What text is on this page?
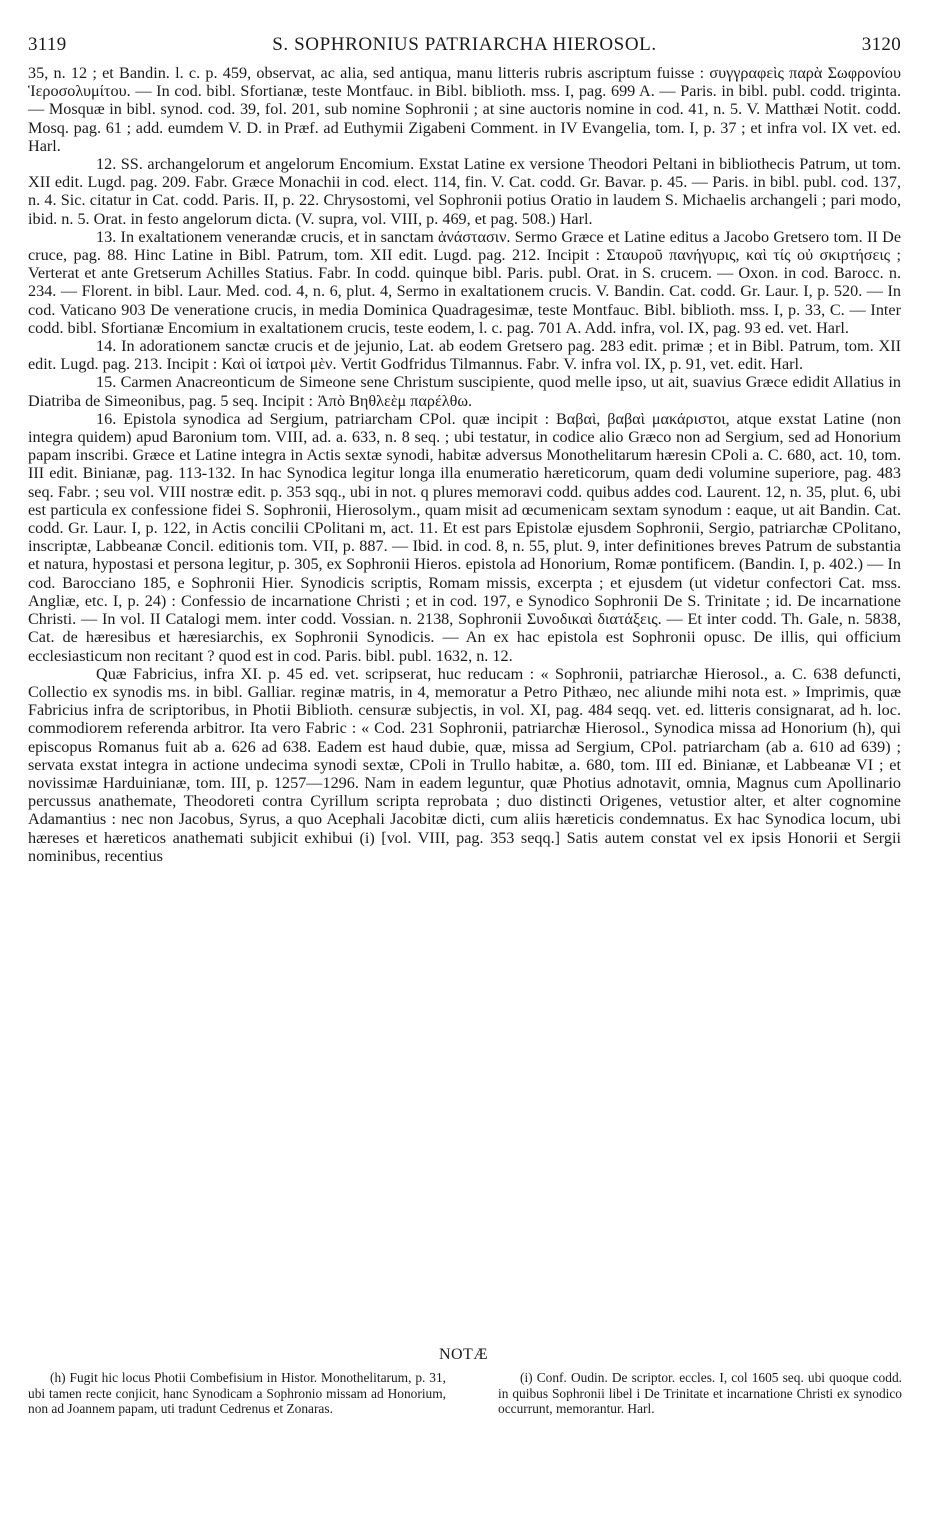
3119	S. SOPHRONIUS PATRIARCHA HIEROSOL.	3120

35, n. 12 ; et Bandin. l. c. p. 459, observat, ac alia, sed antiqua, manu litteris rubris ascriptum fuisse : συγγραφεὶς παρὰ Σωφρονίου Ἱεροσολυμίτου. — In cod. bibl. Sfortianæ, teste Montfauc. in Bibl. biblioth. mss. I, pag. 699 A. — Paris. in bibl. publ. codd. triginta. — Mosquæ in bibl. synod. cod. 39, fol. 201, sub nomine Sophronii ; at sine auctoris nomine in cod. 41, n. 5. V. Matthæi Notit. codd. Mosq. pag. 61 ; add. eumdem V. D. in Præf. ad Euthymii Zigabeni Comment. in IV Evangelia, tom. I, p. 37 ; et infra vol. IX vet. ed. Harl.

12. SS. archangelorum et angelorum Encomium. Exstat Latine ex versione Theodori Peltani in bibliothecis Patrum, ut tom. XII edit. Lugd. pag. 209. Fabr. Græce Monachii in cod. elect. 114, fin. V. Cat. codd. Gr. Bavar. p. 45. — Paris. in bibl. publ. cod. 137, n. 4. Sic. citatur in Cat. codd. Paris. II, p. 22. Chrysostomi, vel Sophronii potius Oratio in laudem S. Michaelis archangeli ; pari modo, ibid. n. 5. Orat. in festo angelorum dicta. (V. supra, vol. VIII, p. 469, et pag. 508.) Harl.

13. In exaltationem venerandæ crucis, et in sanctam ἀνάστασιν. Sermo Græce et Latine editus a Jacobo Gretsero tom. II De cruce, pag. 88. Hinc Latine in Bibl. Patrum, tom. XII edit. Lugd. pag. 212. Incipit : Σταυροῦ πανήγυρις, καὶ τίς οὐ σκιρτήσεις ; Verterat et ante Gretserum Achilles Statius. Fabr. In codd. quinque bibl. Paris. publ. Orat. in S. crucem. — Oxon. in cod. Barocc. n. 234. — Florent. in bibl. Laur. Med. cod. 4, n. 6, plut. 4, Sermo in exaltationem crucis. V. Bandin. Cat. codd. Gr. Laur. I, p. 520. — In cod. Vaticano 903 De veneratione crucis, in media Dominica Quadragesimæ, teste Montfauc. Bibl. biblioth. mss. I, p. 33, C. — Inter codd. bibl. Sfortianæ Encomium in exaltationem crucis, teste eodem, l. c. pag. 701 A. Add. infra, vol. IX, pag. 93 ed. vet. Harl.

14. In adorationem sanctæ crucis et de jejunio, Lat. ab eodem Gretsero pag. 283 edit. primæ ; et in Bibl. Patrum, tom. XII edit. Lugd. pag. 213. Incipit : Καὶ οἱ ἰατροὶ μὲν. Vertit Godfridus Tilmannus. Fabr. V. infra vol. IX, p. 91, vet. edit. Harl.

15. Carmen Anacreonticum de Simeone sene Christum suscipiente, quod melle ipso, ut ait, suavius Græce edidit Allatius in Diatriba de Simeonibus, pag. 5 seq. Incipit : Ἀπὸ Βηθλεὲμ παρέλθω.

16. Epistola synodica ad Sergium, patriarcham CPol. quæ incipit : Βαβαὶ, βαβαὶ μακάριστοι, atque exstat Latine (non integra quidem) apud Baronium tom. VIII, ad. a. 633, n. 8 seq. ; ubi testatur, in codice alio Græco non ad Sergium, sed ad Honorium papam inscribi. Græce et Latine integra in Actis sextæ synodi, habitæ adversus Monothelitarum hæresin CPoli a. C. 680, act. 10, tom. III edit. Binianæ, pag. 113-132. In hac Synodica legitur longa illa enumeratio hæreticorum, quam dedi volumine superiore, pag. 483 seq. Fabr. ; seu vol. VIII nostræ edit. p. 353 sqq., ubi in not. q plures memoravi codd. quibus addes cod. Laurent. 12, n. 35, plut. 6, ubi est particula ex confessione fidei S. Sophronii, Hierosolym., quam misit ad œcumenicam sextam synodum : eaque, ut ait Bandin. Cat. codd. Gr. Laur. I, p. 122, in Actis concilii CPolitani m, act. 11. Et est pars Epistolæ ejusdem Sophronii, Sergio, patriarchæ CPolitano, inscriptæ, Labbeanæ Concil. editionis tom. VII, p. 887. — Ibid. in cod. 8, n. 55, plut. 9, inter definitiones breves Patrum de substantia et natura, hypostasi et persona legitur, p. 305, ex Sophronii Hieros. epistola ad Honorium, Romæ pontificem. (Bandin. I, p. 402.) — In cod. Barocciano 185, e Sophronii Hier. Synodicis scriptis, Romam missis, excerpta ; et ejusdem (ut videtur confectori Cat. mss. Angliæ, etc. I, p. 24) : Confessio de incarnatione Christi ; et in cod. 197, e Synodico Sophronii De S. Trinitate ; id. De incarnatione Christi. — In vol. II Catalogi mem. inter codd. Vossian. n. 2138, Sophronii Συνοδικαὶ διατάξεις. — Et inter codd. Th. Gale, n. 5838, Cat. de hæresibus et hæresiarchis, ex Sophronii Synodicis. — An ex hac epistola est Sophronii opusc. De illis, qui officium ecclesiasticum non recitant ? quod est in cod. Paris. bibl. publ. 1632, n. 12.

Quæ Fabricius, infra XI. p. 45 ed. vet. scripserat, huc reducam : « Sophronii, patriarchæ Hierosol., a. C. 638 defuncti, Collectio ex synodis ms. in bibl. Galliar. reginæ matris, in 4, memoratur a Petro Pithæo, nec aliunde mihi nota est. » Imprimis, quæ Fabricius infra de scriptoribus, in Photii Biblioth. censuræ subjectis, in vol. XI, pag. 484 seqq. vet. ed. litteris consignarat, ad h. loc. commodiorem referenda arbitror. Ita vero Fabric : « Cod. 231 Sophronii, patriarchæ Hierosol., Synodica missa ad Honorium (h), qui episcopus Romanus fuit ab a. 626 ad 638. Eadem est haud dubie, quæ, missa ad Sergium, CPol. patriarcham (ab a. 610 ad 639) ; servata exstat integra in actione undecima synodi sextæ, CPoli in Trullo habitæ, a. 680, tom. III ed. Binianæ, et Labbeanæ VI ; et novissimæ Harduinianæ, tom. III, p. 1257—1296. Nam in eadem leguntur, quæ Photius adnotavit, omnia, Magnus cum Apollinario percussus anathemate, Theodoreti contra Cyrillum scripta reprobata ; duo distincti Origenes, vetustior alter, et alter cognomine Adamantius : nec non Jacobus, Syrus, a quo Acephali Jacobitæ dicti, cum aliis hæreticis condemnatus. Ex hac Synodica locum, ubi hæreses et hæreticos anathemati subjicit exhibui (i) [vol. VIII, pag. 353 seqq.] Satis autem constat vel ex ipsis Honorii et Sergii nominibus, recentius

NOTÆ

(h) Fugit hic locus Photii Combefisium in Histor. Monothelitarum, p. 31, ubi tamen recte conjicit, hanc Synodicam a Sophronio missam ad Honorium, non ad Joannem papam, uti tradunt Cedrenus et Zonaras.

(i) Conf. Oudin. De scriptor. eccles. I, col 1605 seq. ubi quoque codd. in quibus Sophronii libel i De Trinitate et incarnatione Christi ex synodico occurrunt, memorantur. Harl.
